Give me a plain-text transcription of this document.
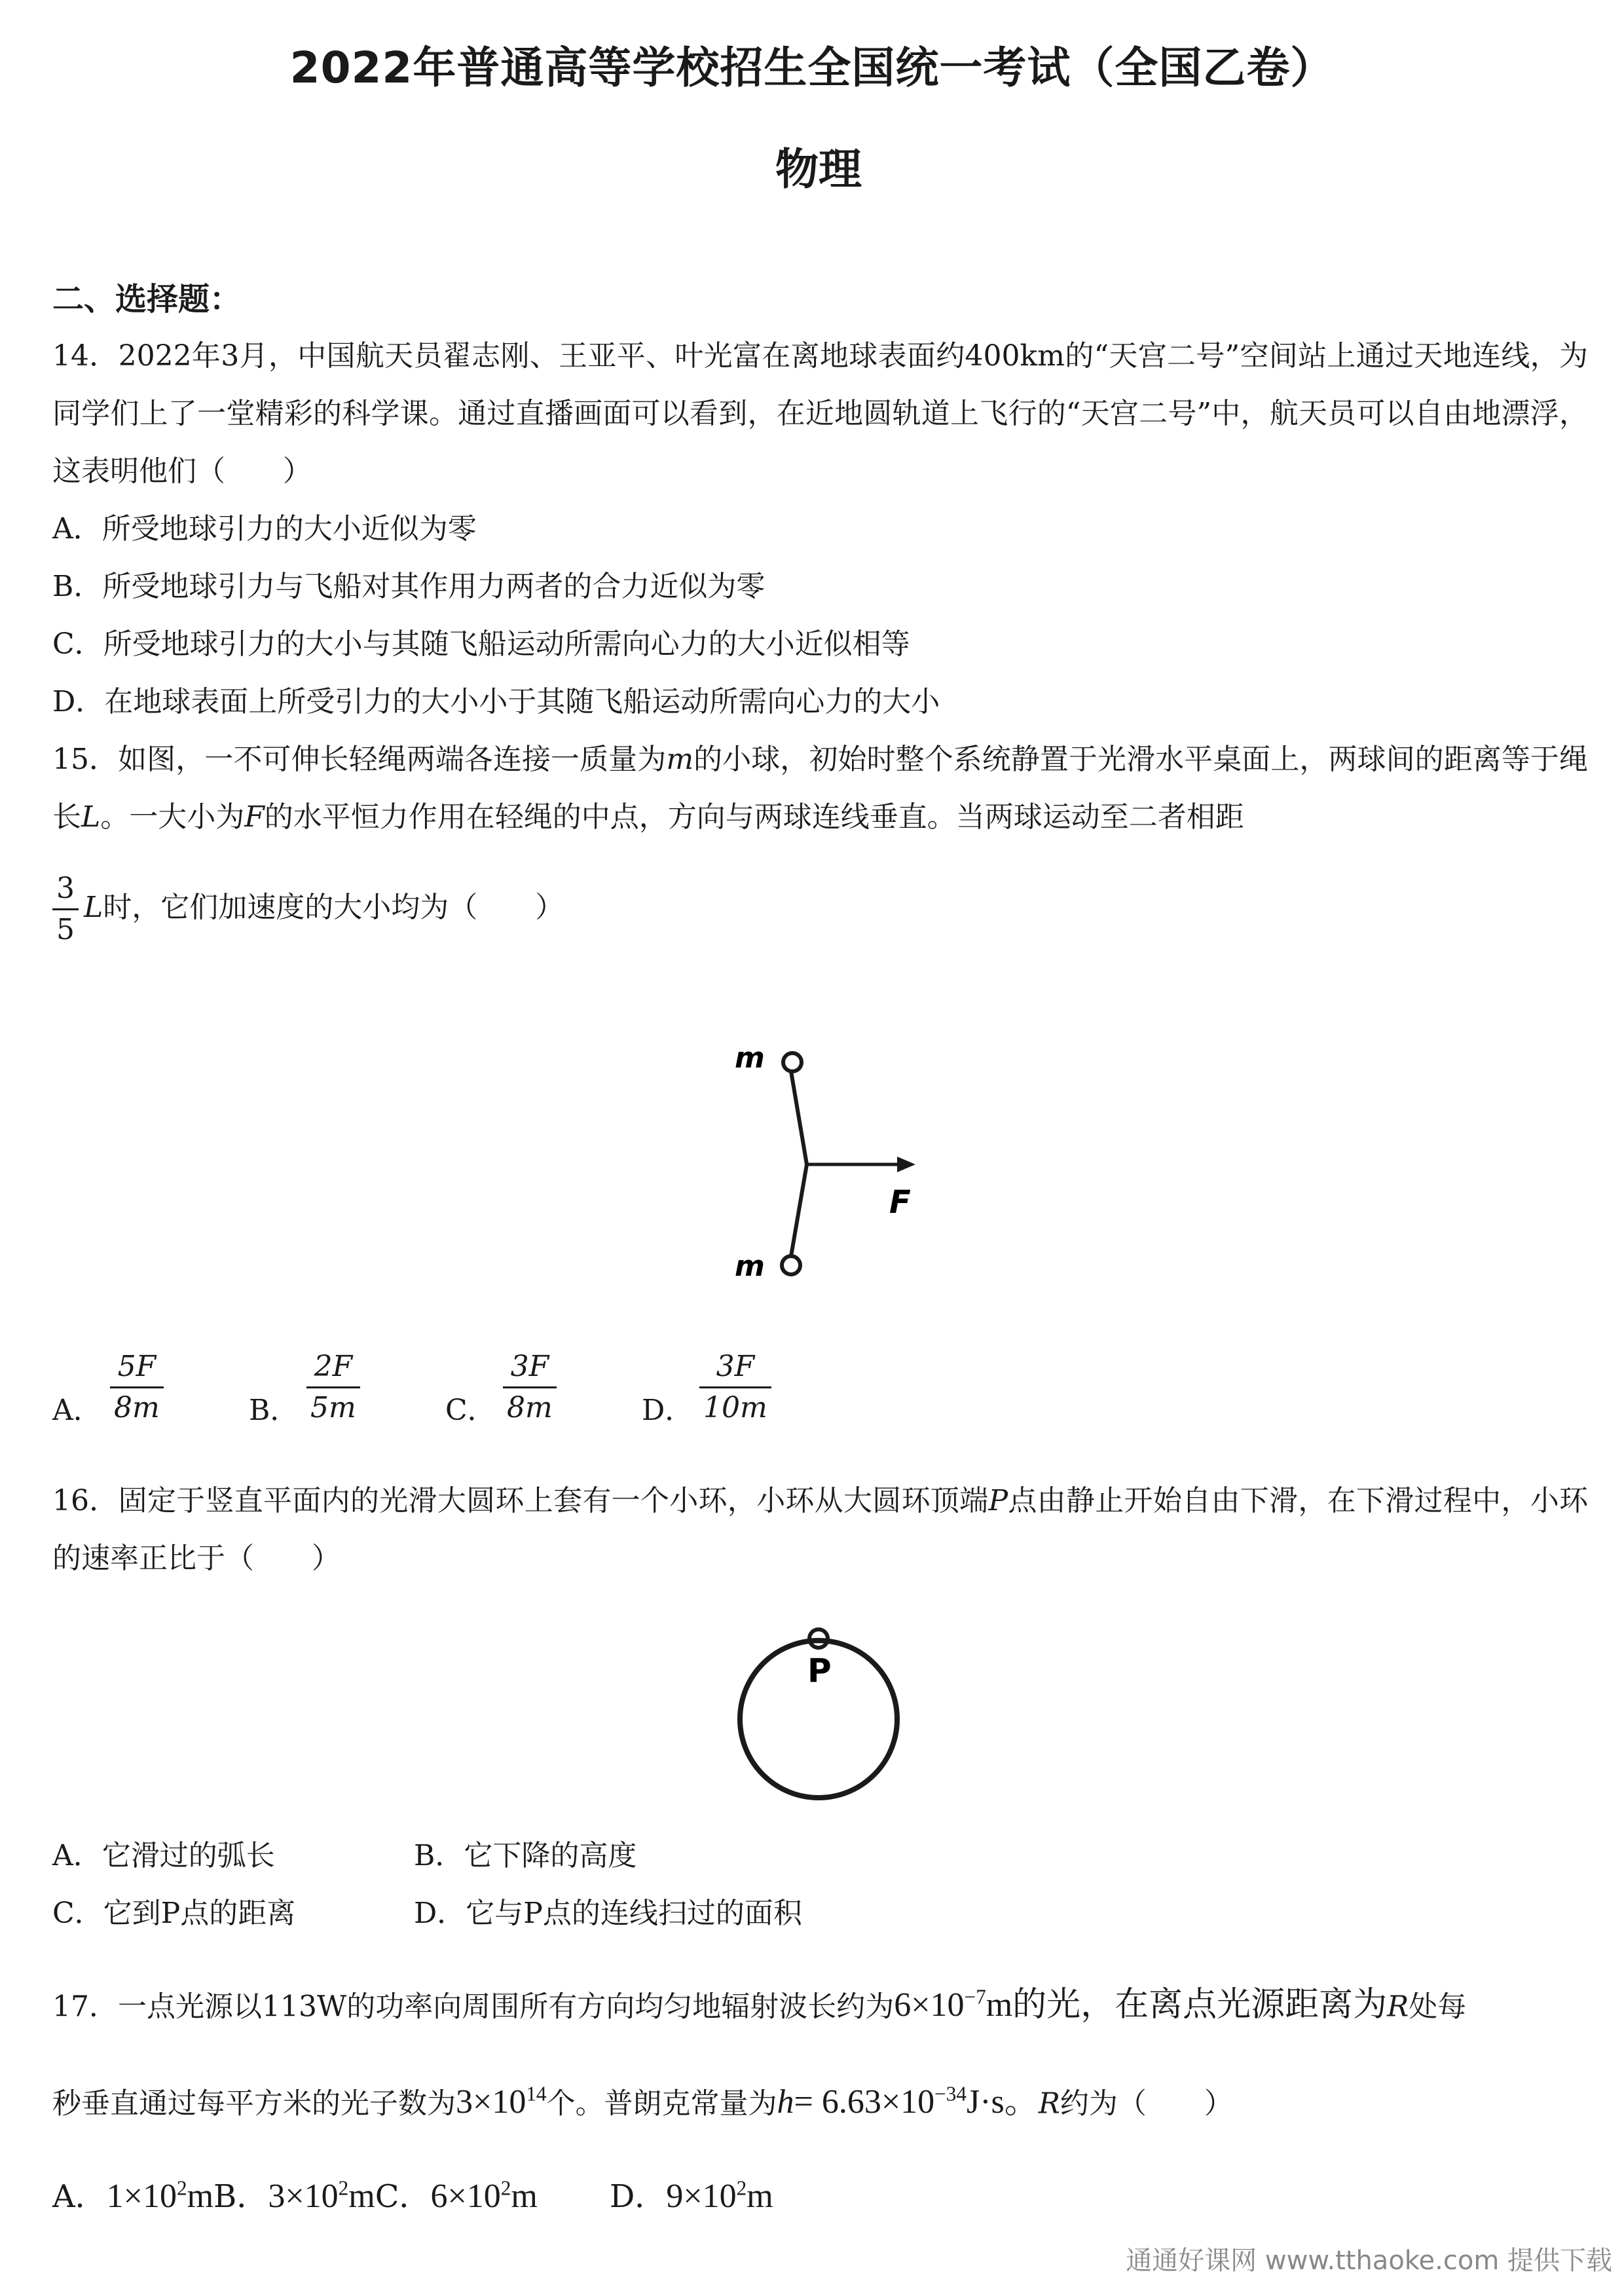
2022年普通高等学校招生全国统一考试（全国乙卷）
物理
二、选择题：
14．2022年3月，中国航天员翟志刚、王亚平、叶光富在离地球表面约400km的“天宫二号”空间站上通过天地连线，为同学们上了一堂精彩的科学课。通过直播画面可以看到，在近地圆轨道上飞行的“天宫二号”中，航天员可以自由地漂浮，这表明他们（　　）
A．所受地球引力的大小近似为零
B．所受地球引力与飞船对其作用力两者的合力近似为零
C．所受地球引力的大小与其随飞船运动所需向心力的大小近似相等
D．在地球表面上所受引力的大小小于其随飞船运动所需向心力的大小
15．如图，一不可伸长轻绳两端各连接一质量为m的小球，初始时整个系统静置于光滑水平桌面上，两球间的距离等于绳长L。一大小为F的水平恒力作用在轻绳的中点，方向与两球连线垂直。当两球运动至二者相距
$\frac{3}{5}$ L时，它们加速度的大小均为（　　）
m
m
F
A． $\frac{5F}{8m}$	B． $\frac{2F}{5m}$	C． $\frac{3F}{8m}$	D． $\frac{3F}{10m}$
16．固定于竖直平面内的光滑大圆环上套有一个小环，小环从大圆环顶端P点由静止开始自由下滑，在下滑过程中，小环的速率正比于（　　）
P
A．它滑过的弧长	B．它下降的高度
C．它到P点的距离	D．它与P点的连线扫过的面积
17．一点光源以113W的功率向周围所有方向均匀地辐射波长约为$6\times 10^{-7}m$的光，在离点光源距离为R处每
秒垂直通过每平方米的光子数为$3\times 10^{14}$个。普朗克常量为$h= 6.63\times 10^{-34}J\cdot s$。R约为（　　）
A．$1\times 10^2mB$．$3\times 10^2mC$．$6\times 10^2m$ D．$9\times 10^2m$
通通好课网 www.tthaoke.com 提供下载
